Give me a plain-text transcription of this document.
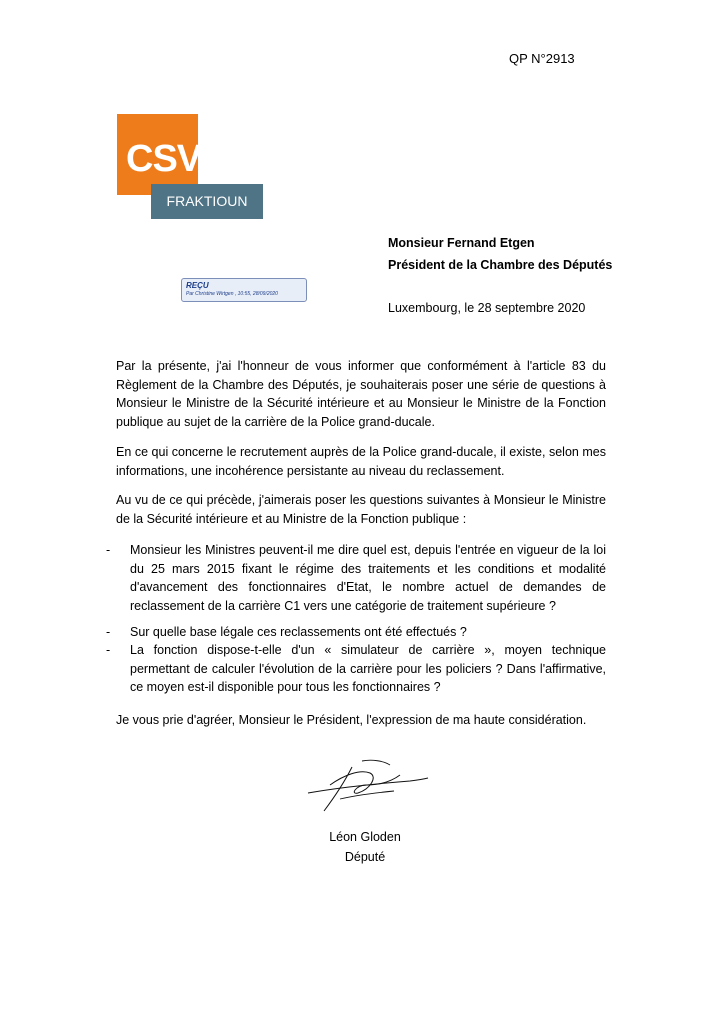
QP N°2913
CSV
FRAKTIOUN
Monsieur Fernand Etgen
Président de la Chambre des Députés
REÇU
Par Christine Wirtgen , 10:55, 28/09/2020
Luxembourg, le 28 septembre 2020
Par la présente, j'ai l'honneur de vous informer que conformément à l'article 83 du Règlement de la Chambre des Députés, je souhaiterais poser une série de questions à Monsieur le Ministre de la Sécurité intérieure et au Monsieur le Ministre de la Fonction publique au sujet de la carrière de la Police grand-ducale.
En ce qui concerne le recrutement auprès de la Police grand-ducale, il existe, selon mes informations, une incohérence persistante au niveau du reclassement.
Au vu de ce qui précède, j'aimerais poser les questions suivantes à Monsieur le Ministre de la Sécurité intérieure et au Ministre de la Fonction publique :
- Monsieur les Ministres peuvent-il me dire quel est, depuis l'entrée en vigueur de la loi du 25 mars 2015 fixant le régime des traitements et les conditions et modalité d'avancement des fonctionnaires d'Etat, le nombre actuel de demandes de reclassement de la carrière C1 vers une catégorie de traitement supérieure ?
- Sur quelle base légale ces reclassements ont été effectués ?
- La fonction dispose-t-elle d'un « simulateur de carrière », moyen technique permettant de calculer l'évolution de la carrière pour les policiers ? Dans l'affirmative, ce moyen est-il disponible pour tous les fonctionnaires ?
Je vous prie d'agréer, Monsieur le Président, l'expression de ma haute considération.
Léon Gloden
Député
